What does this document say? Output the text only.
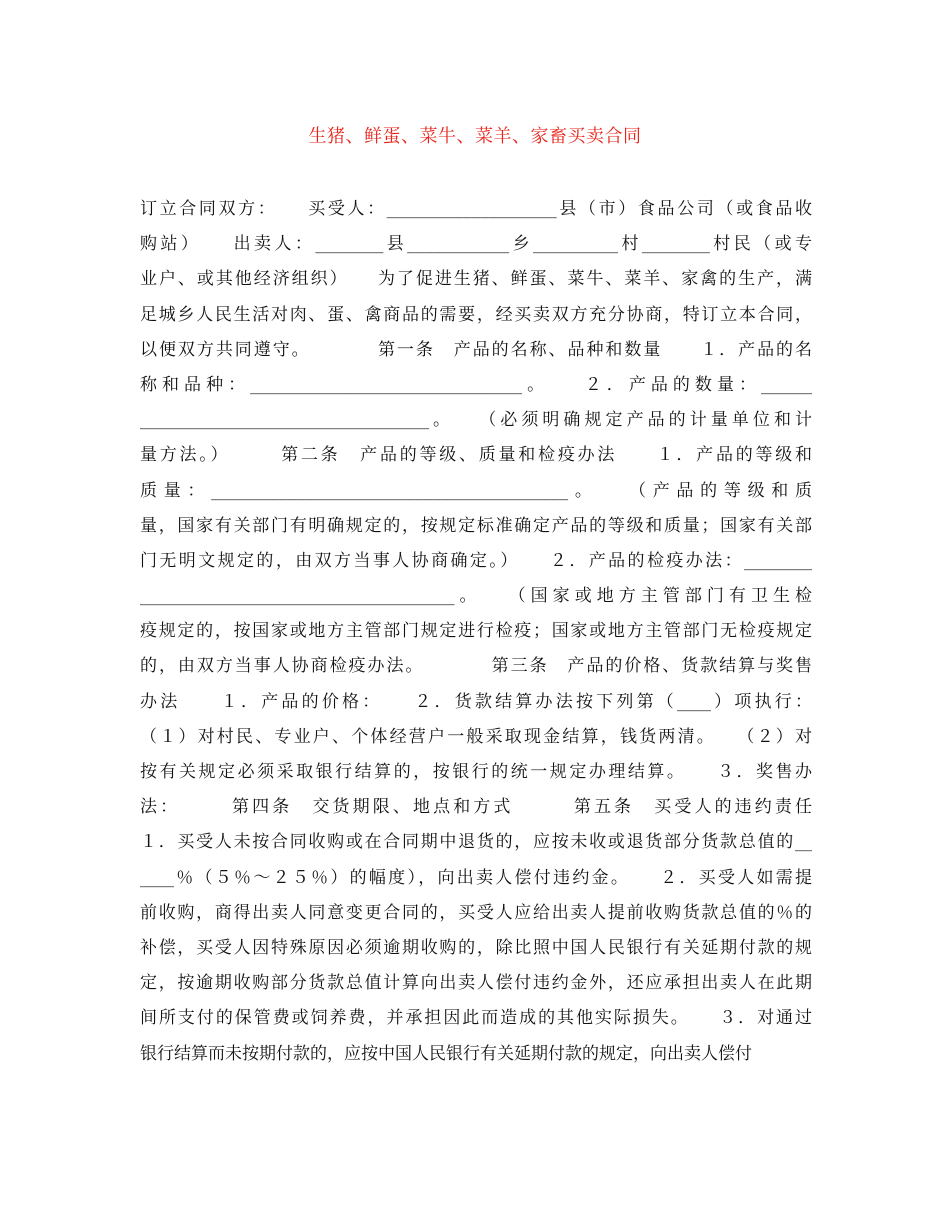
生猪、鲜蛋、菜牛、菜羊、家畜买卖合同
订立合同双方：　　买受人：____________________县（市）食品公司（或食品收
购站）　　出卖人：________县____________乡__________村________村民（或专
业户、或其他经济组织）　　为了促进生猪、鲜蛋、菜牛、菜羊、家禽的生产，满
足城乡人民生活对肉、蛋、禽商品的需要，经买卖双方充分协商，特订立本合同，
以便双方共同遵守。　　　　第一条　产品的名称、品种和数量　　１．产品的名
称和品种：________________________________。　　２．产品的数量：______
__________________________________。　　（必须明确规定产品的计量单位和计
量方法。）　　　第二条　产品的等级、质量和检疫办法　　１．产品的等级和
质量：__________________________________________。　　（产品的等级和质
量，国家有关部门有明确规定的，按规定标准确定产品的等级和质量；国家有关部
门无明文规定的，由双方当事人协商确定。）　　２．产品的检疫办法：________
_____________________________________。　　（国家或地方主管部门有卫生检
疫规定的，按国家或地方主管部门规定进行检疫；国家或地方主管部门无检疫规定
的，由双方当事人协商检疫办法。　　　　第三条　产品的价格、货款结算与奖售
办法　　１．产品的价格：　　２．货款结算办法按下列第（____）项执行：
（１）对村民、专业户、个体经营户一般采取现金结算，钱货两清。　　（２）对
按有关规定必须采取银行结算的，按银行的统一规定办理结算。　　３．奖售办
法：　　　第四条　交货期限、地点和方式　　　第五条　买受人的违约责任
１．买受人未按合同收购或在合同期中退货的，应按未收或退货部分货款总值的__
____％（５％～２５％）的幅度），向出卖人偿付违约金。　　２．买受人如需提
前收购，商得出卖人同意变更合同的，买受人应给出卖人提前收购货款总值的％的
补偿，买受人因特殊原因必须逾期收购的，除比照中国人民银行有关延期付款的规
定，按逾期收购部分货款总值计算向出卖人偿付违约金外，还应承担出卖人在此期
间所支付的保管费或饲养费，并承担因此而造成的其他实际损失。　　３．对通过
银行结算而未按期付款的，应按中国人民银行有关延期付款的规定，向出卖人偿付
